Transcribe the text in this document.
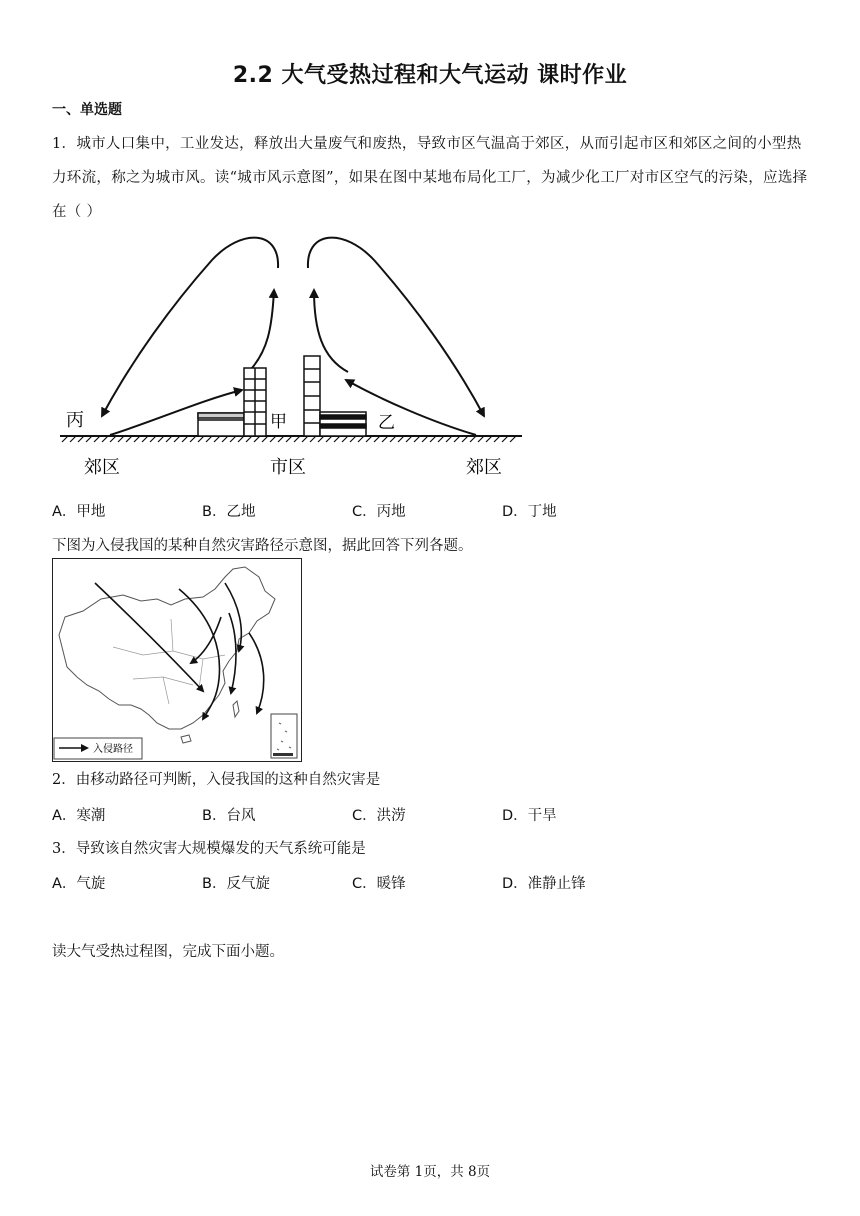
2.2 大气受热过程和大气运动 课时作业
一、单选题
1．城市人口集中，工业发达，释放出大量废气和废热，导致市区气温高于郊区，从而引起市区和郊区之间的小型热力环流，称之为城市风。读“城市风示意图”，如果在图中某地布局化工厂，为减少化工厂对市区空气的污染，应选择在（ ）
丙	甲	乙
郊区	市区	郊区
A．甲地	B．乙地	C．丙地	D．丁地
下图为入侵我国的某种自然灾害路径示意图，据此回答下列各题。
入侵路径
2．由移动路径可判断，入侵我国的这种自然灾害是
A．寒潮	B．台风	C．洪涝	D．干旱
3．导致该自然灾害大规模爆发的天气系统可能是
A．气旋	B．反气旋	C．暖锋	D．准静止锋
读大气受热过程图，完成下面小题。
试卷第 1页，共 8页
